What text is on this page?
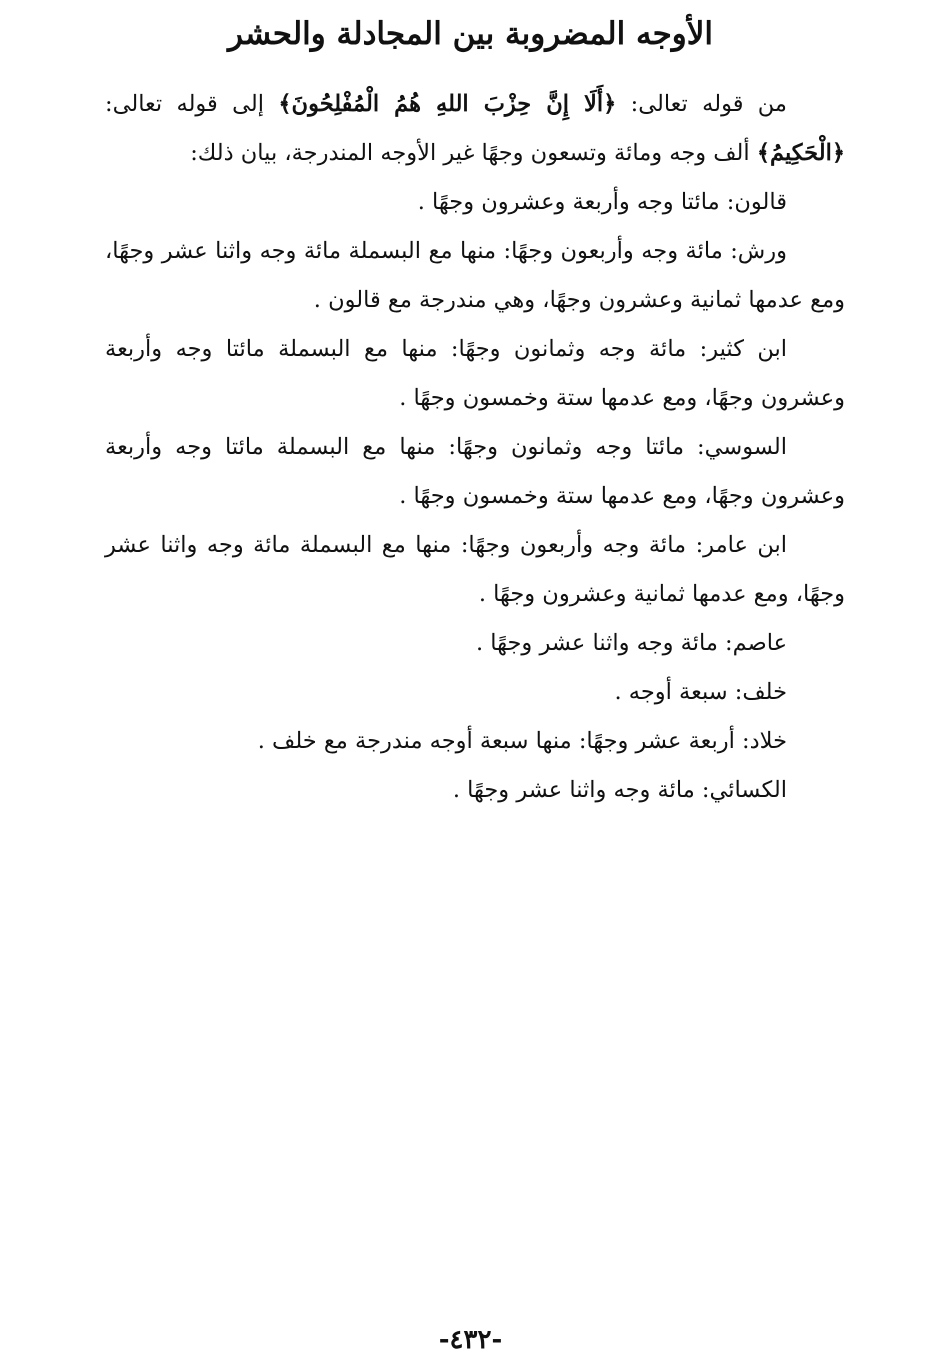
الأوجه المضروبة بين المجادلة والحشر

من قوله تعالى: ﴿أَلَا إِنَّ حِزْبَ اللهِ هُمُ الْمُفْلِحُونَ﴾ إلى قوله تعالى: ﴿الْحَكِيمُ﴾ ألف وجه ومائة وتسعون وجهًا غير الأوجه المندرجة، بيان ذلك:

قالون: مائتا وجه وأربعة وعشرون وجهًا .

ورش: مائة وجه وأربعون وجهًا: منها مع البسملة مائة وجه واثنا عشر وجهًا، ومع عدمها ثمانية وعشرون وجهًا، وهي مندرجة مع قالون .

ابن كثير: مائة وجه وثمانون وجهًا: منها مع البسملة مائتا وجه وأربعة وعشرون وجهًا، ومع عدمها ستة وخمسون وجهًا .

السوسي: مائتا وجه وثمانون وجهًا: منها مع البسملة مائتا وجه وأربعة وعشرون وجهًا، ومع عدمها ستة وخمسون وجهًا .

ابن عامر: مائة وجه وأربعون وجهًا: منها مع البسملة مائة وجه واثنا عشر وجهًا، ومع عدمها ثمانية وعشرون وجهًا .

عاصم: مائة وجه واثنا عشر وجهًا .

خلف: سبعة أوجه .

خلاد: أربعة عشر وجهًا: منها سبعة أوجه مندرجة مع خلف .

الكسائي: مائة وجه واثنا عشر وجهًا .

-٤٣٢-
